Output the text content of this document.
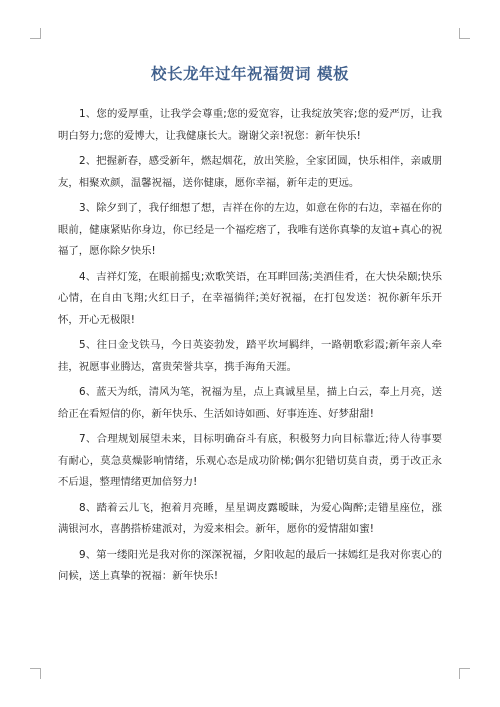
校长龙年过年祝福贺词 模板

1、您的爱厚重，让我学会尊重;您的爱宽容，让我绽放笑容;您的爱严厉，让我明白努力;您的爱博大，让我健康长大。谢谢父亲!祝您：新年快乐!

2、把握新春，感受新年，燃起烟花，放出笑脸，全家团圆，快乐相伴，亲戚朋友，相聚欢颜，温馨祝福，送你健康，愿你幸福，新年走的更远。

3、除夕到了，我仔细想了想，吉祥在你的左边，如意在你的右边，幸福在你的眼前，健康紧贴你身边，你已经是一个福疙瘩了，我唯有送你真挚的友谊+真心的祝福了，愿你除夕快乐!

4、吉祥灯笼，在眼前摇曳;欢歌笑语，在耳畔回荡;美酒佳肴，在大快朵颐;快乐心情，在自由飞翔;火红日子，在幸福徜徉;美好祝福，在打包发送：祝你新年乐开怀，开心无极限!

5、往日金戈铁马，今日英姿勃发，踏平坎坷羁绊，一路朝歌彩霞;新年亲人牵挂，祝愿事业腾达，富贵荣誉共享，携手海角天涯。

6、蓝天为纸，清风为笔，祝福为星，点上真诚星星，描上白云，奉上月亮，送给正在看短信的你，新年快乐、生活如诗如画、好事连连、好梦甜甜!

7、合理规划展望未来，目标明确奋斗有底，积极努力向目标靠近;待人待事要有耐心，莫急莫燥影响情绪，乐观心态是成功阶梯;偶尔犯错切莫自责，勇于改正永不后退，整理情绪更加倍努力!

8、踏着云儿飞，抱着月亮睡，星星调皮露暧昧，为爱心陶醉;走错星座位，涨满银河水，喜鹊搭桥建派对，为爱来相会。新年，愿你的爱情甜如蜜!

9、第一缕阳光是我对你的深深祝福，夕阳收起的最后一抹嫣红是我对你衷心的问候，送上真挚的祝福：新年快乐!
